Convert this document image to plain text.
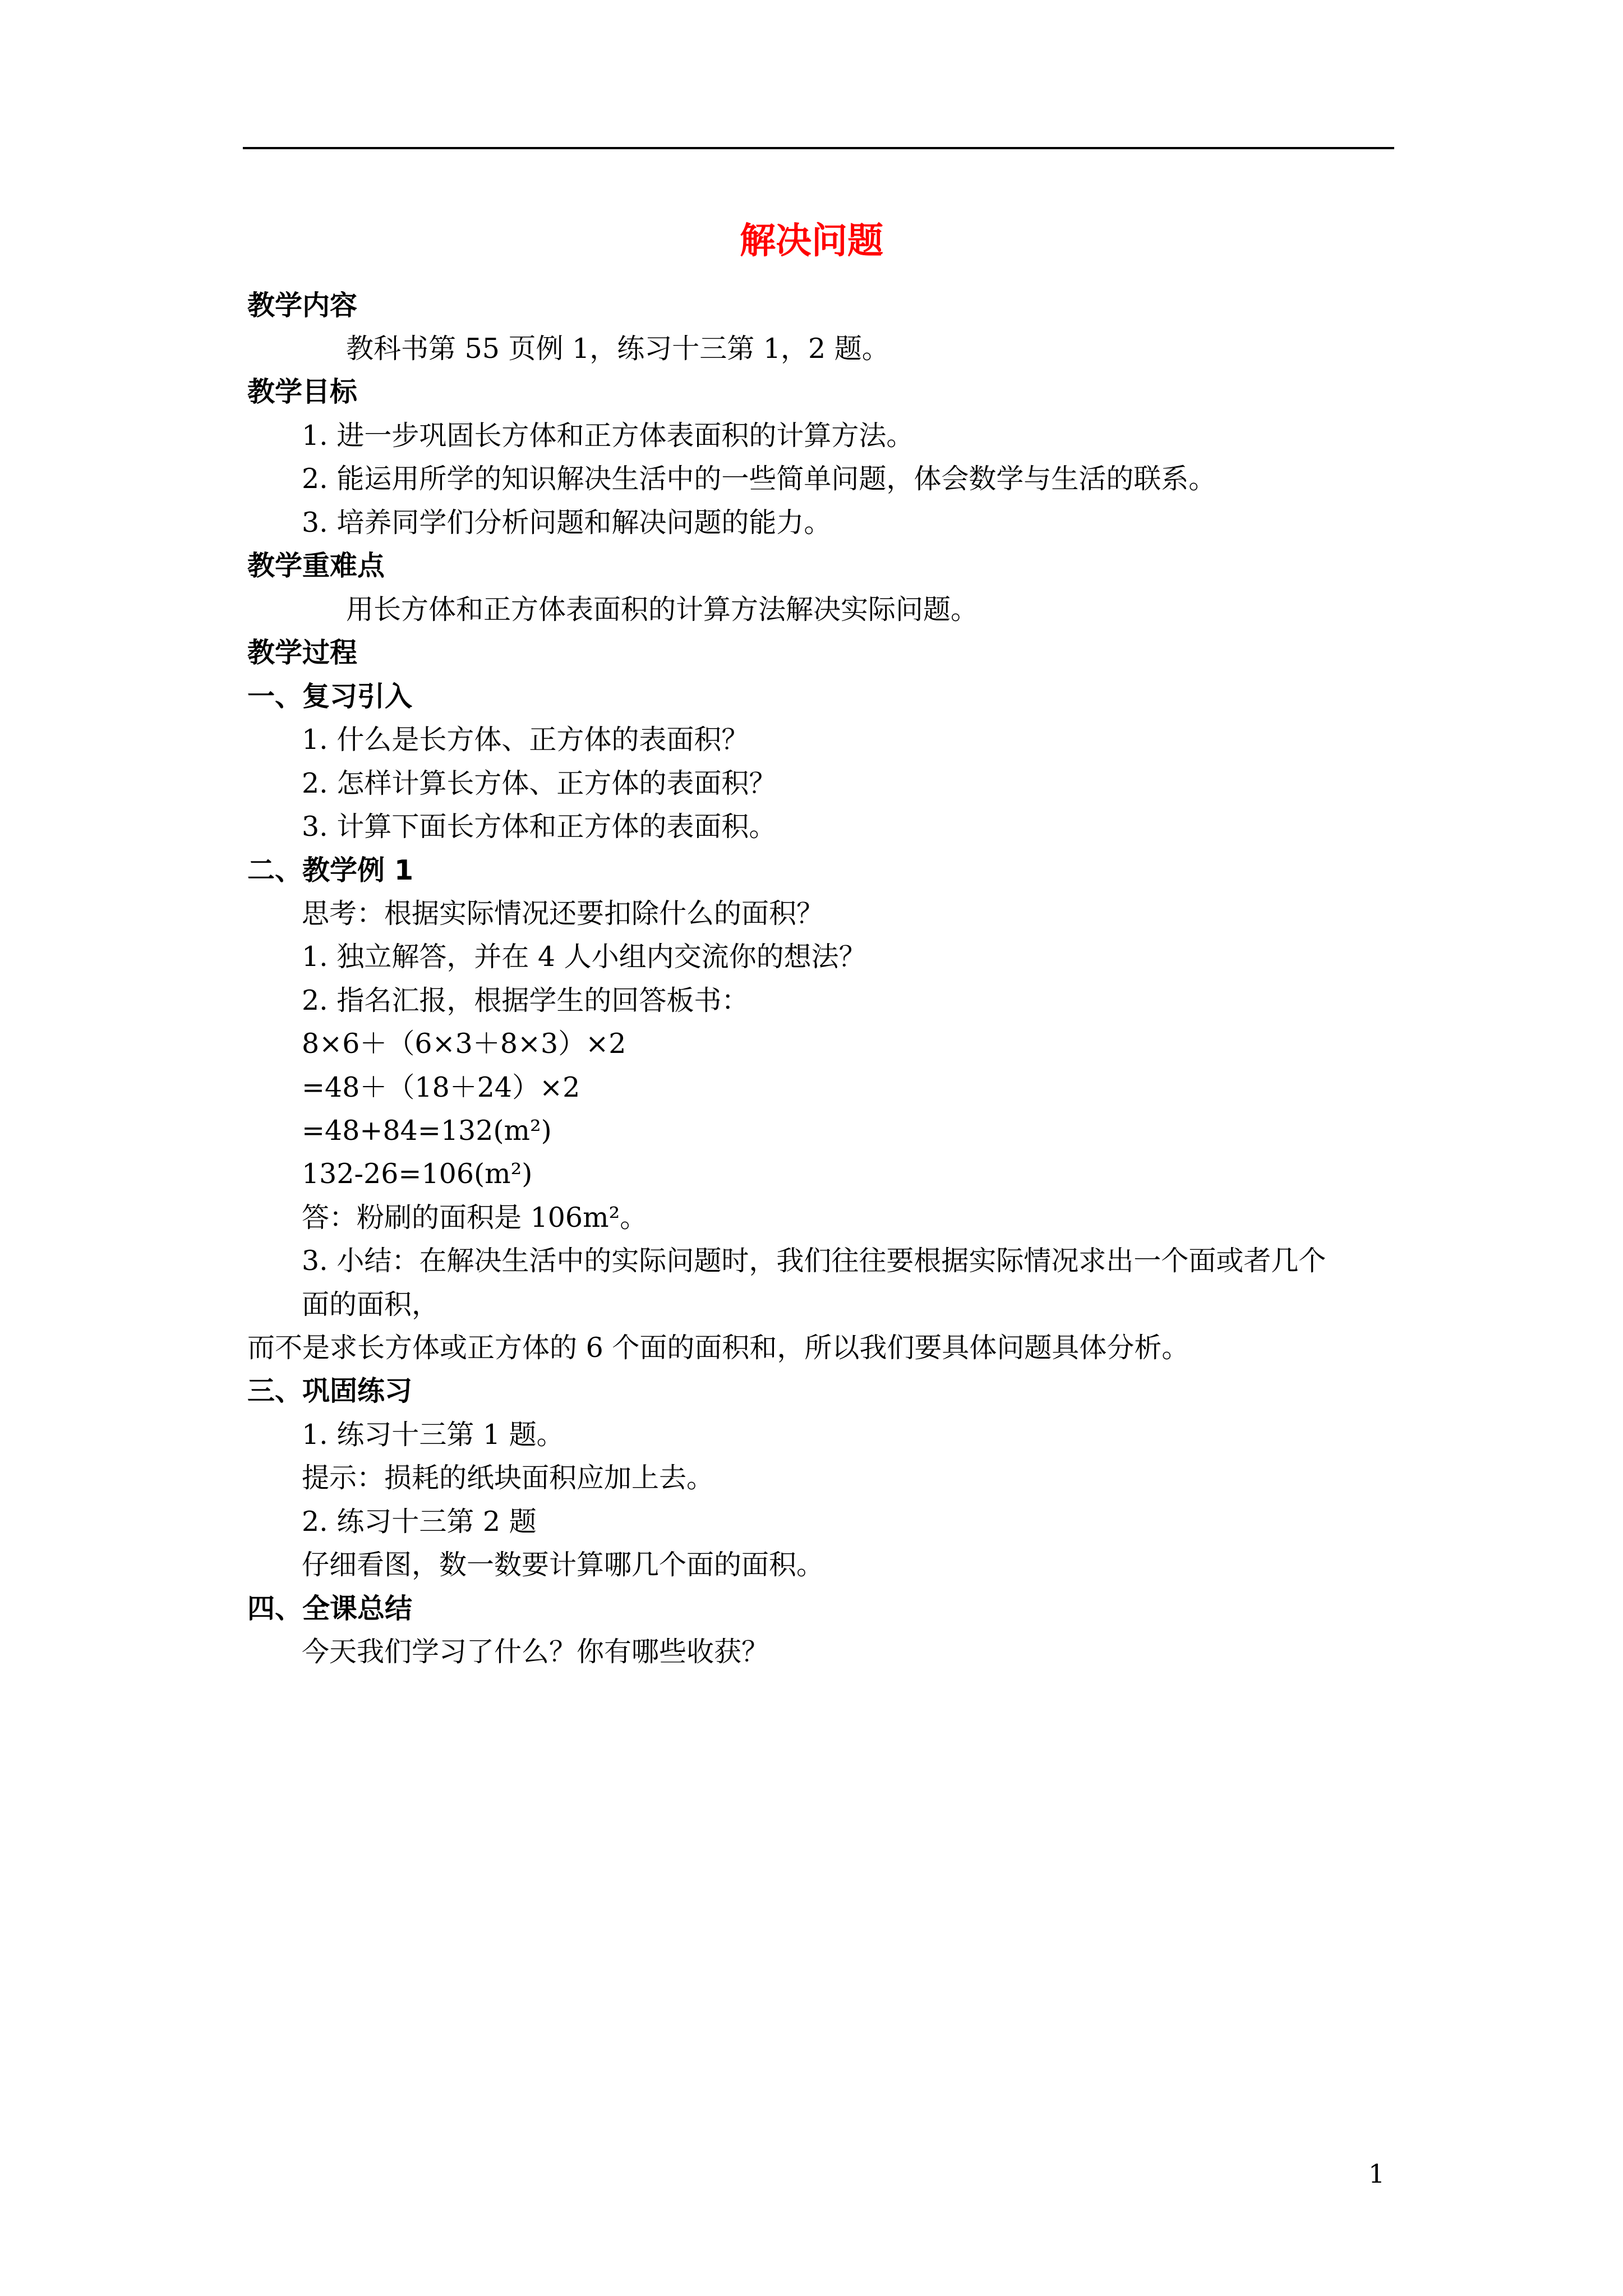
解决问题
教学内容
教科书第 55 页例 1，练习十三第 1，2 题。
教学目标
1. 进一步巩固长方体和正方体表面积的计算方法。
2. 能运用所学的知识解决生活中的一些简单问题，体会数学与生活的联系。
3. 培养同学们分析问题和解决问题的能力。
教学重难点
用长方体和正方体表面积的计算方法解决实际问题。
教学过程
一、复习引入
1. 什么是长方体、正方体的表面积？
2. 怎样计算长方体、正方体的表面积？
3. 计算下面长方体和正方体的表面积。
二、教学例 1
思考：根据实际情况还要扣除什么的面积？
1. 独立解答，并在 4 人小组内交流你的想法？
2. 指名汇报，根据学生的回答板书：
8×6＋（6×3＋8×3）×2
=48＋（18＋24）×2
=48+84=132(m²)
132-26=106(m²)
答：粉刷的面积是 106m²。
3. 小结：在解决生活中的实际问题时，我们往往要根据实际情况求出一个面或者几个
面的面积，
而不是求长方体或正方体的 6 个面的面积和，所以我们要具体问题具体分析。
三、巩固练习
1. 练习十三第 1 题。
提示：损耗的纸块面积应加上去。
2. 练习十三第 2 题
仔细看图，数一数要计算哪几个面的面积。
四、全课总结
今天我们学习了什么？你有哪些收获？
1
